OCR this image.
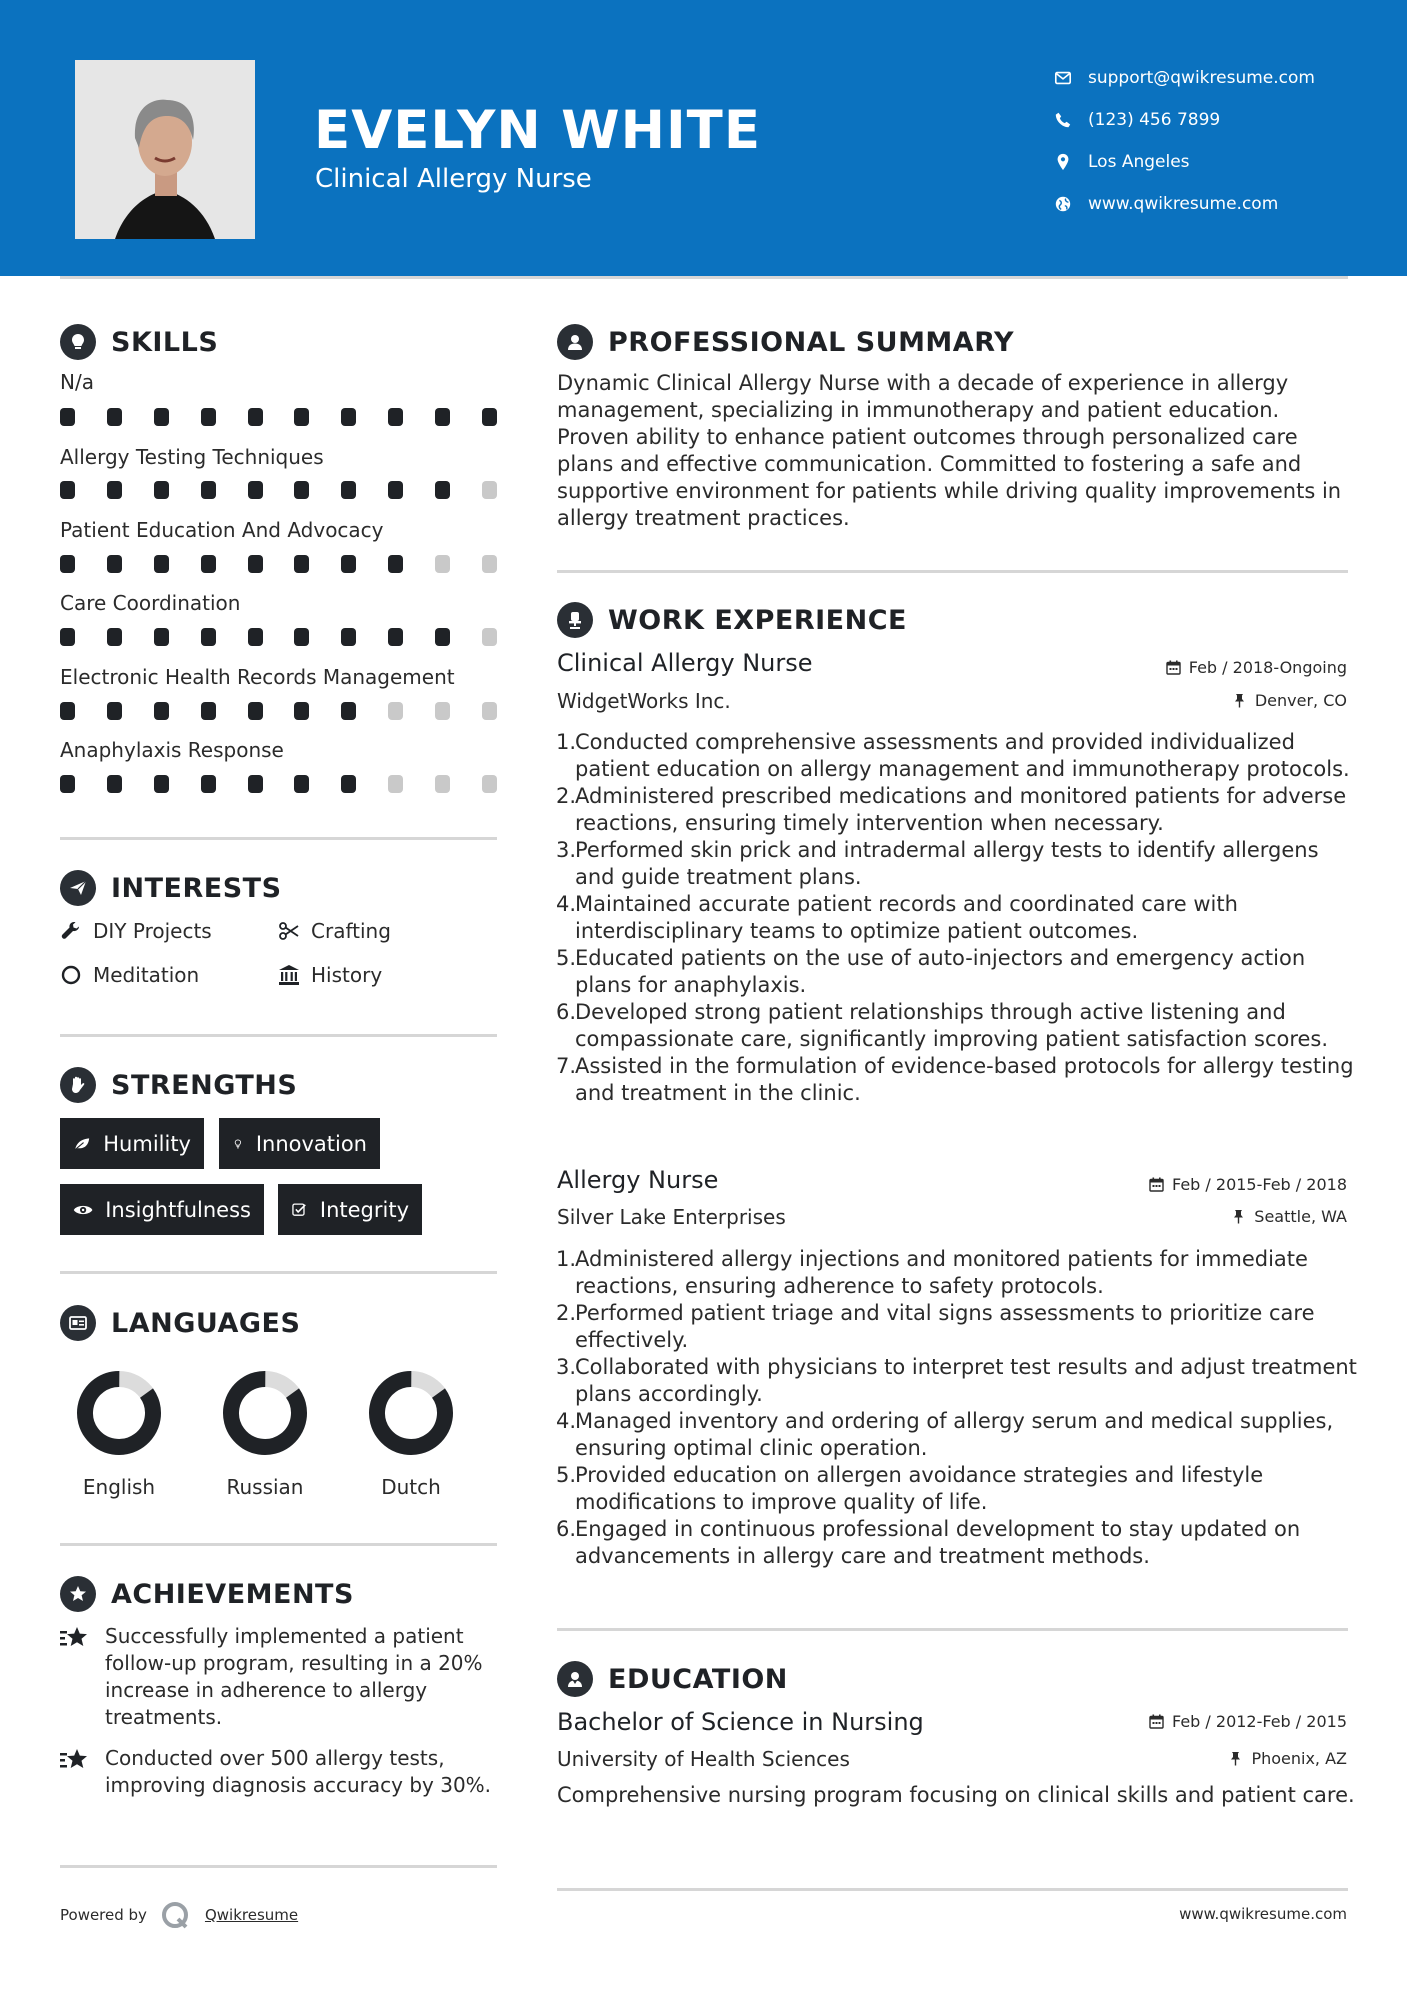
EVELYN WHITE
Clinical Allergy Nurse
support@qwikresume.com
(123) 456 7899
Los Angeles
www.qwikresume.com
SKILLS
N/a
Allergy Testing Techniques
Patient Education And Advocacy
Care Coordination
Electronic Health Records Management
Anaphylaxis Response
INTERESTS
DIY Projects	Crafting
Meditation	History
STRENGTHS
Humility	Innovation
Insightfulness	Integrity
LANGUAGES
English	Russian	Dutch
ACHIEVEMENTS
Successfully implemented a patient follow-up program, resulting in a 20% increase in adherence to allergy treatments.
Conducted over 500 allergy tests, improving diagnosis accuracy by 30%.
Powered by	Qwikresume	www.qwikresume.com
PROFESSIONAL SUMMARY
Dynamic Clinical Allergy Nurse with a decade of experience in allergy management, specializing in immunotherapy and patient education. Proven ability to enhance patient outcomes through personalized care plans and effective communication. Committed to fostering a safe and supportive environment for patients while driving quality improvements in allergy treatment practices.
WORK EXPERIENCE
Clinical Allergy Nurse	Feb / 2018-Ongoing
WidgetWorks Inc.	Denver, CO
Conducted comprehensive assessments and provided individualized patient education on allergy management and immunotherapy protocols.
Administered prescribed medications and monitored patients for adverse reactions, ensuring timely intervention when necessary.
Performed skin prick and intradermal allergy tests to identify allergens and guide treatment plans.
Maintained accurate patient records and coordinated care with interdisciplinary teams to optimize patient outcomes.
Educated patients on the use of auto-injectors and emergency action plans for anaphylaxis.
Developed strong patient relationships through active listening and compassionate care, significantly improving patient satisfaction scores.
Assisted in the formulation of evidence-based protocols for allergy testing and treatment in the clinic.
Allergy Nurse	Feb / 2015-Feb / 2018
Silver Lake Enterprises	Seattle, WA
Administered allergy injections and monitored patients for immediate reactions, ensuring adherence to safety protocols.
Performed patient triage and vital signs assessments to prioritize care effectively.
Collaborated with physicians to interpret test results and adjust treatment plans accordingly.
Managed inventory and ordering of allergy serum and medical supplies, ensuring optimal clinic operation.
Provided education on allergen avoidance strategies and lifestyle modifications to improve quality of life.
Engaged in continuous professional development to stay updated on advancements in allergy care and treatment methods.
EDUCATION
Bachelor of Science in Nursing	Feb / 2012-Feb / 2015
University of Health Sciences	Phoenix, AZ
Comprehensive nursing program focusing on clinical skills and patient care.
